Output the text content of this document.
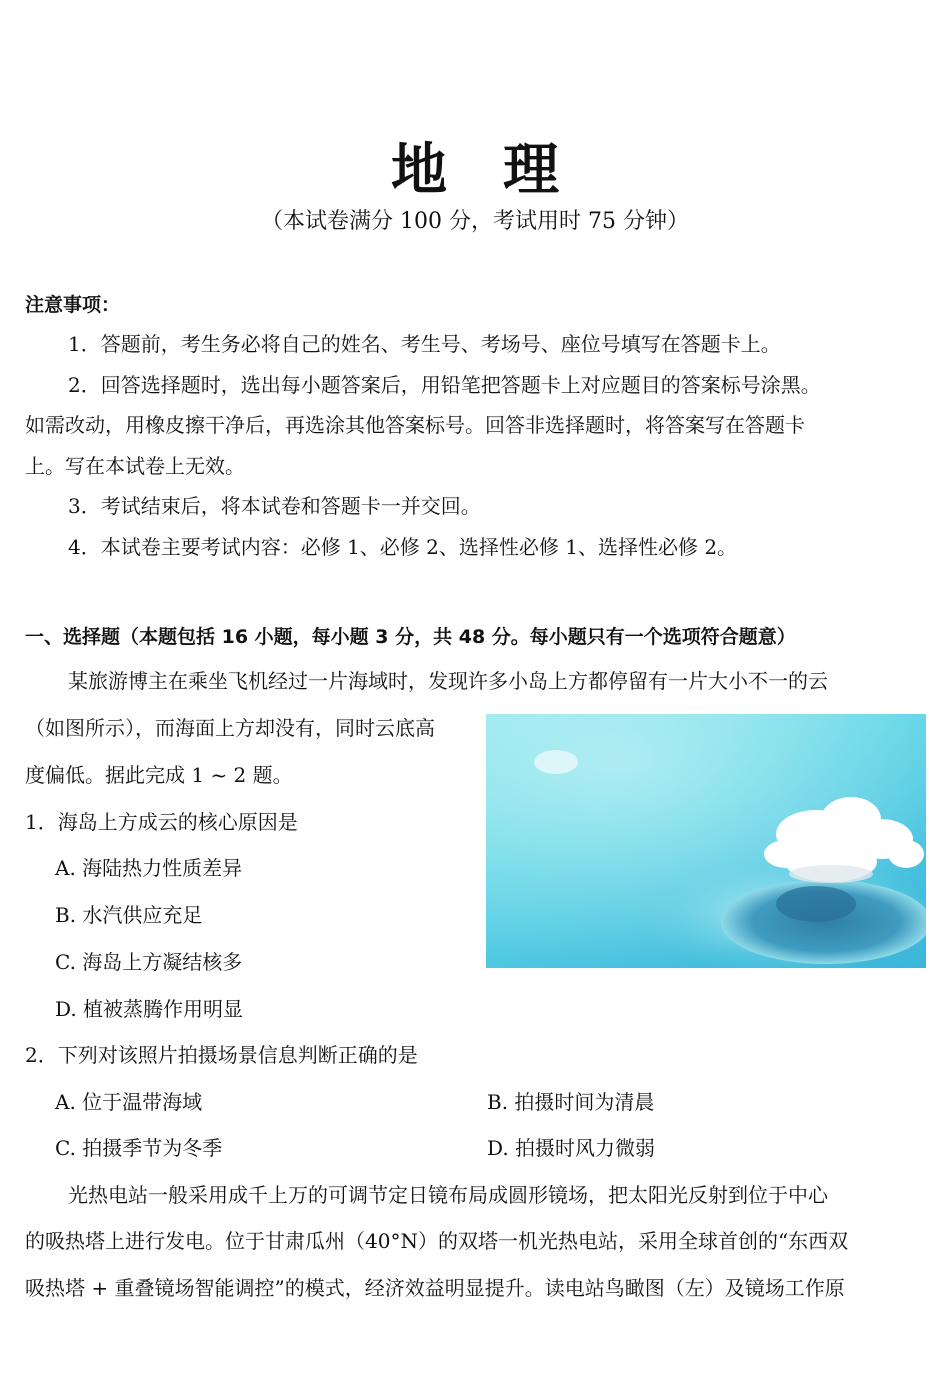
地 理
（本试卷满分 100 分，考试用时 75 分钟）
注意事项：
1．答题前，考生务必将自己的姓名、考生号、考场号、座位号填写在答题卡上。
2．回答选择题时，选出每小题答案后，用铅笔把答题卡上对应题目的答案标号涂黑。
如需改动，用橡皮擦干净后，再选涂其他答案标号。回答非选择题时，将答案写在答题卡
上。写在本试卷上无效。
3．考试结束后，将本试卷和答题卡一并交回。
4．本试卷主要考试内容：必修 1、必修 2、选择性必修 1、选择性必修 2。
一、选择题（本题包括 16 小题，每小题 3 分，共 48 分。每小题只有一个选项符合题意）
某旅游博主在乘坐飞机经过一片海域时，发现许多小岛上方都停留有一片大小不一的云
（如图所示），而海面上方却没有，同时云底高
度偏低。据此完成 1 ~ 2 题。
1．海岛上方成云的核心原因是
A. 海陆热力性质差异
B. 水汽供应充足
C. 海岛上方凝结核多
D. 植被蒸腾作用明显
2．下列对该照片拍摄场景信息判断正确的是
A. 位于温带海域	B. 拍摄时间为清晨
C. 拍摄季节为冬季	D. 拍摄时风力微弱
光热电站一般采用成千上万的可调节定日镜布局成圆形镜场，把太阳光反射到位于中心
的吸热塔上进行发电。位于甘肃瓜州（40°N）的双塔一机光热电站，采用全球首创的“东西双
吸热塔 + 重叠镜场智能调控”的模式，经济效益明显提升。读电站鸟瞰图（左）及镜场工作原
